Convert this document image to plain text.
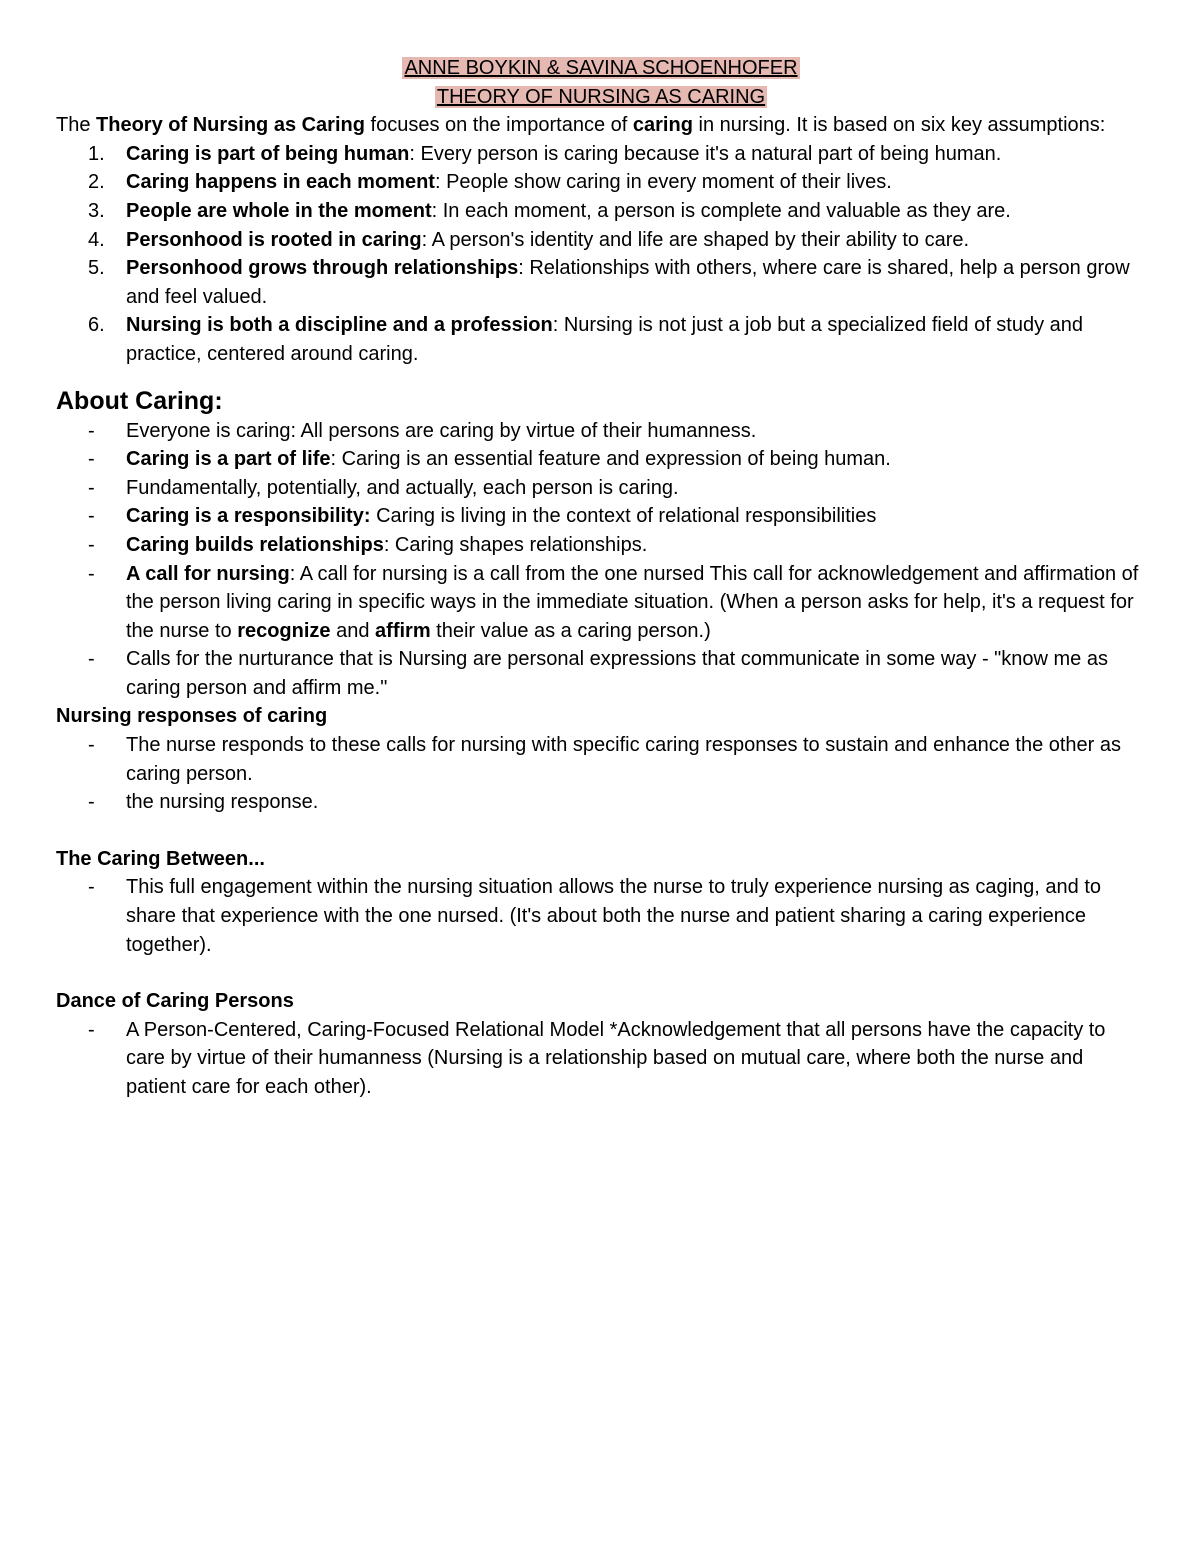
ANNE BOYKIN & SAVINA SCHOENHOFER
THEORY OF NURSING AS CARING

The Theory of Nursing as Caring focuses on the importance of caring in nursing. It is based on six key assumptions:

1. Caring is part of being human: Every person is caring because it's a natural part of being human.
2. Caring happens in each moment: People show caring in every moment of their lives.
3. People are whole in the moment: In each moment, a person is complete and valuable as they are.
4. Personhood is rooted in caring: A person's identity and life are shaped by their ability to care.
5. Personhood grows through relationships: Relationships with others, where care is shared, help a person grow and feel valued.
6. Nursing is both a discipline and a profession: Nursing is not just a job but a specialized field of study and practice, centered around caring.
About Caring:
- Everyone is caring: All persons are caring by virtue of their humanness.
- Caring is a part of life: Caring is an essential feature and expression of being human.
- Fundamentally, potentially, and actually, each person is caring.
- Caring is a responsibility: Caring is living in the context of relational responsibilities
- Caring builds relationships: Caring shapes relationships.
- A call for nursing: A call for nursing is a call from the one nursed This call for acknowledgement and affirmation of the person living caring in specific ways in the immediate situation. (When a person asks for help, it's a request for the nurse to recognize and affirm their value as a caring person.)
- Calls for the nurturance that is Nursing are personal expressions that communicate in some way - "know me as caring person and affirm me."

Nursing responses of caring

- The nurse responds to these calls for nursing with specific caring responses to sustain and enhance the other as caring person.
- the nursing response.

The Caring Between...

- This full engagement within the nursing situation allows the nurse to truly experience nursing as caging, and to share that experience with the one nursed. (It's about both the nurse and patient sharing a caring experience together).

Dance of Caring Persons

- A Person-Centered, Caring-Focused Relational Model *Acknowledgement that all persons have the capacity to care by virtue of their humanness (Nursing is a relationship based on mutual care, where both the nurse and patient care for each other).
